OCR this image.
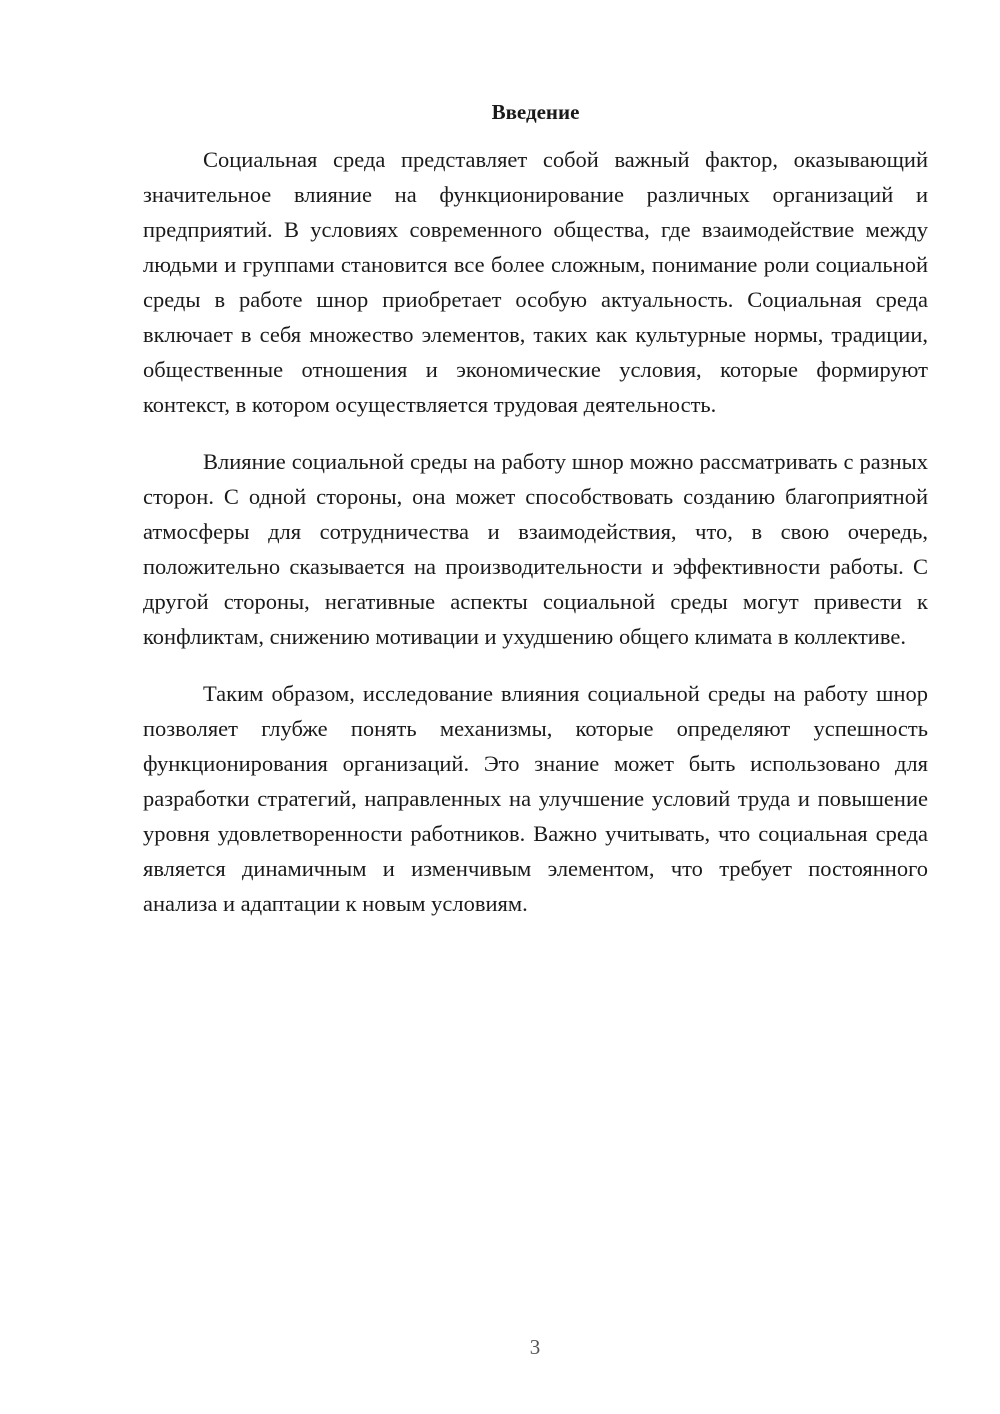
Введение

Социальная среда представляет собой важный фактор, оказывающий значительное влияние на функционирование различных организаций и предприятий. В условиях современного общества, где взаимодействие между людьми и группами становится все более сложным, понимание роли социальной среды в работе шнор приобретает особую актуальность. Социальная среда включает в себя множество элементов, таких как культурные нормы, традиции, общественные отношения и экономические условия, которые формируют контекст, в котором осуществляется трудовая деятельность.

Влияние социальной среды на работу шнор можно рассматривать с разных сторон. С одной стороны, она может способствовать созданию благоприятной атмосферы для сотрудничества и взаимодействия, что, в свою очередь, положительно сказывается на производительности и эффективности работы. С другой стороны, негативные аспекты социальной среды могут привести к конфликтам, снижению мотивации и ухудшению общего климата в коллективе.

Таким образом, исследование влияния социальной среды на работу шнор позволяет глубже понять механизмы, которые определяют успешность функционирования организаций. Это знание может быть использовано для разработки стратегий, направленных на улучшение условий труда и повышение уровня удовлетворенности работников. Важно учитывать, что социальная среда является динамичным и изменчивым элементом, что требует постоянного анализа и адаптации к новым условиям.

3
